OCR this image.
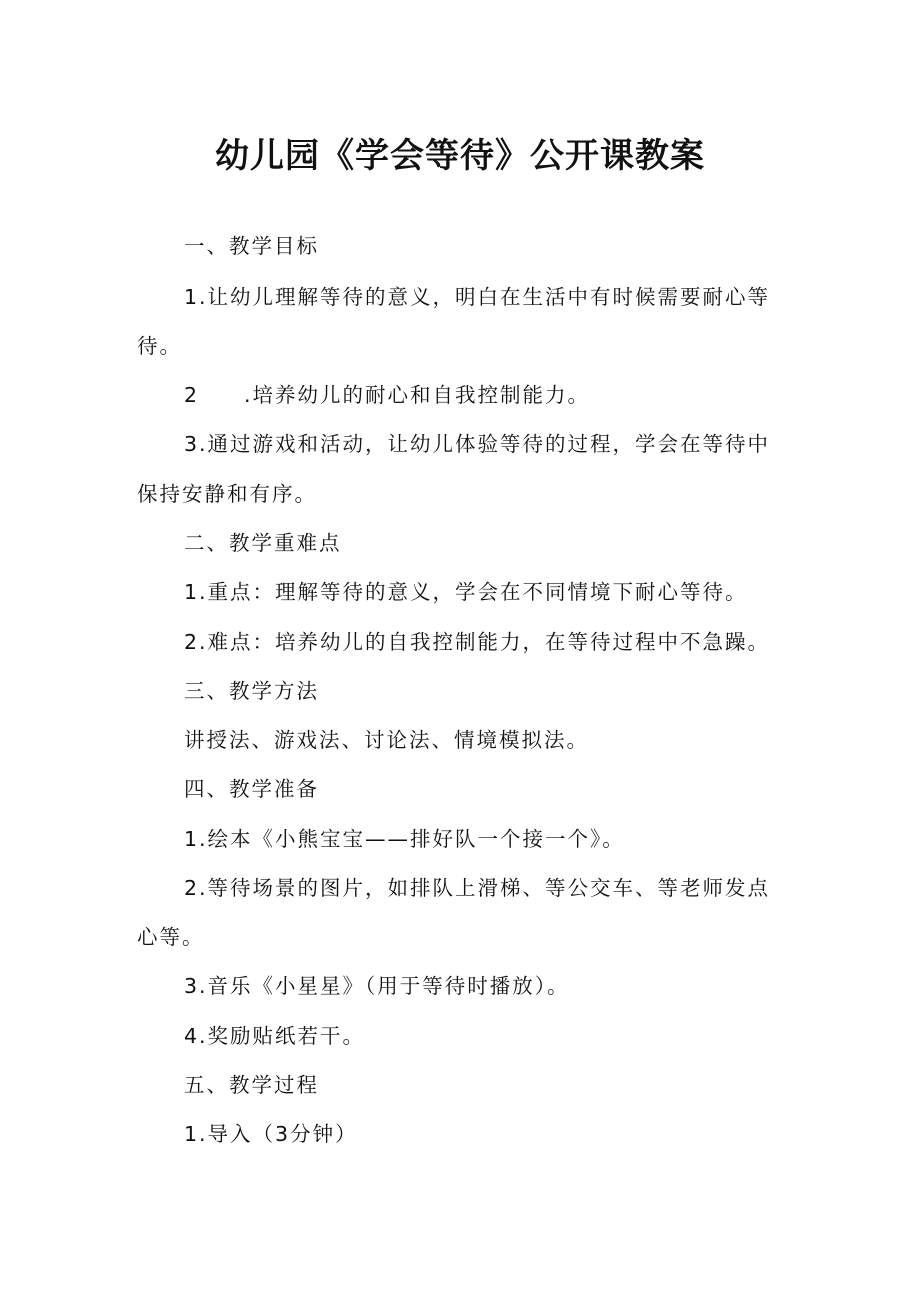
幼儿园《学会等待》公开课教案
一、教学目标
1.让幼儿理解等待的意义，明白在生活中有时候需要耐心等
待。
2　　.培养幼儿的耐心和自我控制能力。
3.通过游戏和活动，让幼儿体验等待的过程，学会在等待中
保持安静和有序。
二、教学重难点
1.重点：理解等待的意义，学会在不同情境下耐心等待。
2.难点：培养幼儿的自我控制能力，在等待过程中不急躁。
三、教学方法
讲授法、游戏法、讨论法、情境模拟法。
四、教学准备
1.绘本《小熊宝宝——排好队一个接一个》。
2.等待场景的图片，如排队上滑梯、等公交车、等老师发点
心等。
3.音乐《小星星》（用于等待时播放）。
4.奖励贴纸若干。
五、教学过程
1.导入（3分钟）
